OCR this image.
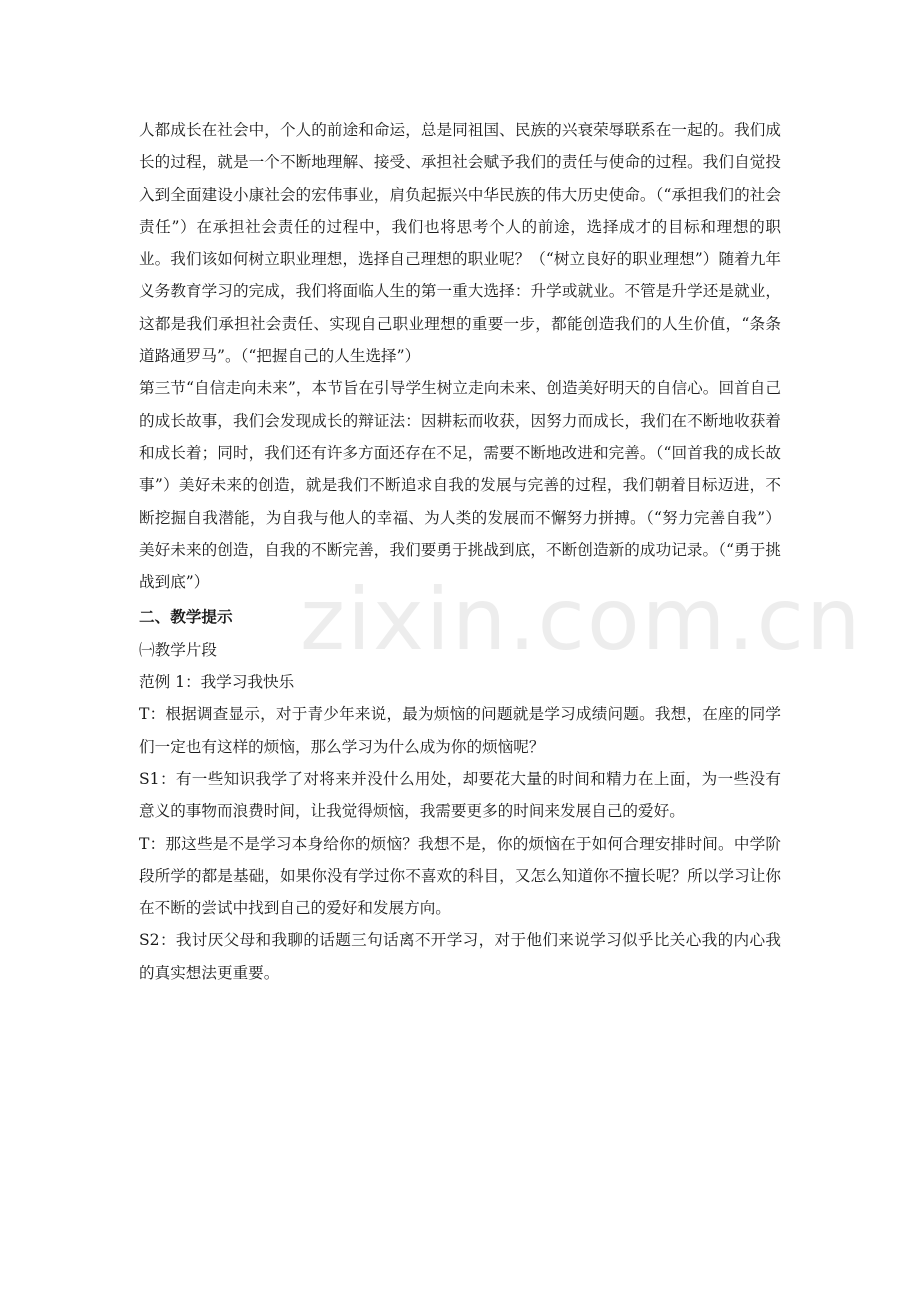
zixin.com.cn

人都成长在社会中，个人的前途和命运，总是同祖国、民族的兴衰荣辱联系在一起的。我们成长的过程，就是一个不断地理解、接受、承担社会赋予我们的责任与使命的过程。我们自觉投入到全面建设小康社会的宏伟事业，肩负起振兴中华民族的伟大历史使命。（“承担我们的社会责任”）在承担社会责任的过程中，我们也将思考个人的前途，选择成才的目标和理想的职业。我们该如何树立职业理想，选择自己理想的职业呢？（“树立良好的职业理想”）随着九年义务教育学习的完成，我们将面临人生的第一重大选择：升学或就业。不管是升学还是就业，这都是我们承担社会责任、实现自己职业理想的重要一步，都能创造我们的人生价值，“条条道路通罗马”。（“把握自己的人生选择”）

第三节“自信走向未来”，本节旨在引导学生树立走向未来、创造美好明天的自信心。回首自己的成长故事，我们会发现成长的辩证法：因耕耘而收获，因努力而成长，我们在不断地收获着和成长着；同时，我们还有许多方面还存在不足，需要不断地改进和完善。（“回首我的成长故事”）美好未来的创造，就是我们不断追求自我的发展与完善的过程，我们朝着目标迈进，不断挖掘自我潜能，为自我与他人的幸福、为人类的发展而不懈努力拼搏。（“努力完善自我”）美好未来的创造，自我的不断完善，我们要勇于挑战到底，不断创造新的成功记录。（“勇于挑战到底”）

二、教学提示

㈠教学片段

范例 1：我学习我快乐

T：根据调查显示，对于青少年来说，最为烦恼的问题就是学习成绩问题。我想，在座的同学们一定也有这样的烦恼，那么学习为什么成为你的烦恼呢？

S1：有一些知识我学了对将来并没什么用处，却要花大量的时间和精力在上面，为一些没有意义的事物而浪费时间，让我觉得烦恼，我需要更多的时间来发展自己的爱好。

T：那这些是不是学习本身给你的烦恼？我想不是，你的烦恼在于如何合理安排时间。中学阶段所学的都是基础，如果你没有学过你不喜欢的科目，又怎么知道你不擅长呢？所以学习让你在不断的尝试中找到自己的爱好和发展方向。

S2：我讨厌父母和我聊的话题三句话离不开学习，对于他们来说学习似乎比关心我的内心我的真实想法更重要。
